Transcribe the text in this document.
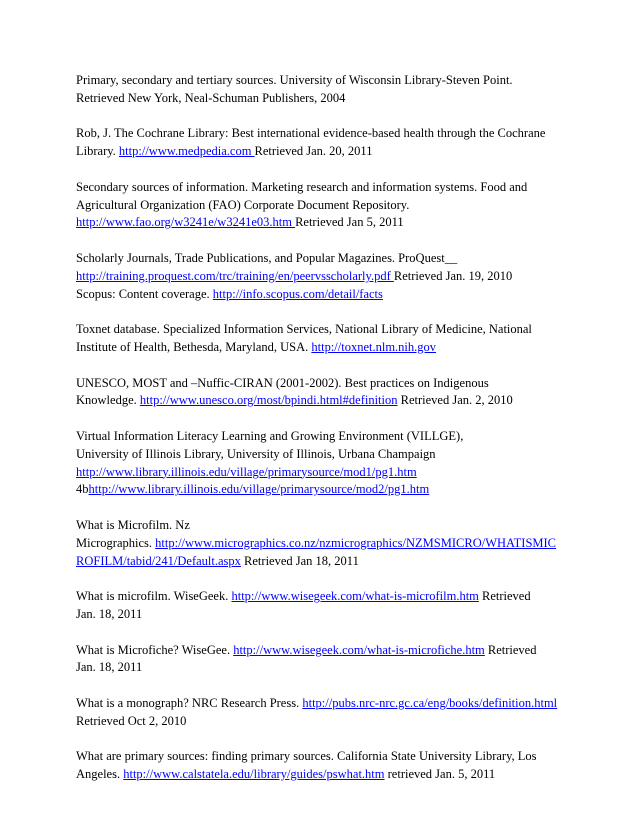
Primary, secondary and tertiary sources. University of Wisconsin Library-Steven Point.
Retrieved New York, Neal-Schuman Publishers, 2004
Rob, J. The Cochrane Library: Best international evidence-based health through the Cochrane
Library. http://www.medpedia.com Retrieved Jan. 20, 2011
Secondary sources of information. Marketing research and information systems. Food and
Agricultural Organization (FAO) Corporate Document Repository.
http://www.fao.org/w3241e/w3241e03.htm Retrieved Jan 5, 2011
Scholarly Journals, Trade Publications, and Popular Magazines. ProQuest__
http://training.proquest.com/trc/training/en/peervsscholarly.pdf Retrieved Jan. 19, 2010
Scopus: Content coverage. http://info.scopus.com/detail/facts
Toxnet database. Specialized Information Services, National Library of Medicine, National
Institute of Health, Bethesda, Maryland, USA. http://toxnet.nlm.nih.gov
UNESCO, MOST and –Nuffic-CIRAN (2001-2002). Best practices on Indigenous
Knowledge. http://www.unesco.org/most/bpindi.html#definition Retrieved Jan. 2, 2010
Virtual Information Literacy Learning and Growing Environment (VILLGE),
University of Illinois Library, University of Illinois, Urbana Champaign
http://www.library.illinois.edu/village/primarysource/mod1/pg1.htm
4bhttp://www.library.illinois.edu/village/primarysource/mod2/pg1.htm
What is Microfilm. Nz
Micrographics. http://www.micrographics.co.nz/nzmicrographics/NZMSMICRO/WHATISMIC
ROFILM/tabid/241/Default.aspx Retrieved Jan 18, 2011
What is microfilm. WiseGeek. http://www.wisegeek.com/what-is-microfilm.htm Retrieved
Jan. 18, 2011
What is Microfiche? WiseGee. http://www.wisegeek.com/what-is-microfiche.htm Retrieved
Jan. 18, 2011
What is a monograph? NRC Research Press. http://pubs.nrc-nrc.gc.ca/eng/books/definition.html
Retrieved Oct 2, 2010
What are primary sources: finding primary sources. California State University Library, Los
Angeles. http://www.calstatela.edu/library/guides/pswhat.htm retrieved Jan. 5, 2011
